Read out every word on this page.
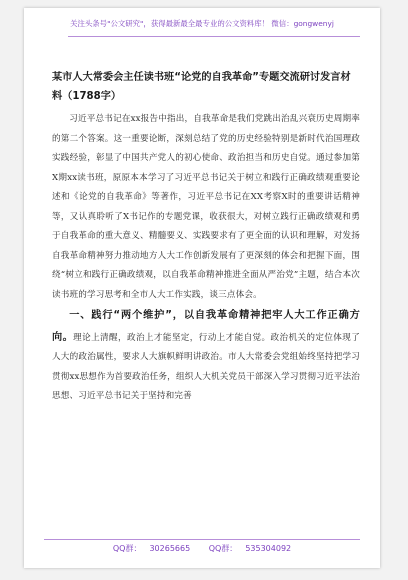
关注头条号"公文研究"，获得最新最全最专业的公文资料库！ 微信：gongwenyj
某市人大常委会主任读书班“论党的自我革命”专题交流研讨发言材料（1788字）

习近平总书记在xx报告中指出，自我革命是我们党跳出治乱兴衰历史周期率的第二个答案。这一重要论断，深刻总结了党的历史经验特别是新时代治国理政实践经验，彰显了中国共产党人的初心使命、政治担当和历史自觉。通过参加第X期xx读书班，原原本本学习了习近平总书记关于树立和践行正确政绩观重要论述和《论党的自我革命》等著作，习近平总书记在XX考察X时的重要讲话精神等，又认真聆听了X书记作的专题党课，收获很大，对树立践行正确政绩观和勇于自我革命的重大意义、精髓要义、实践要求有了更全面的认识和理解，对发扬自我革命精神努力推动地方人大工作创新发展有了更深刻的体会和把握下面，围绕“树立和践行正确政绩观，以自我革命精神推进全面从严治党”主题，结合本次读书班的学习思考和全市人大工作实践，谈三点体会。

一、践行“两个维护”，以自我革命精神把牢人大工作正确方向。理论上清醒，政治上才能坚定，行动上才能自觉。政治机关的定位体现了人大的政治属性，要求人大旗帜鲜明讲政治。市人大常委会党组始终坚持把学习贯彻xx思想作为首要政治任务，组织人大机关党员干部深入学习贯彻习近平法治思想、习近平总书记关于坚持和完善

QQ群： 30265665 QQ群： 535304092
